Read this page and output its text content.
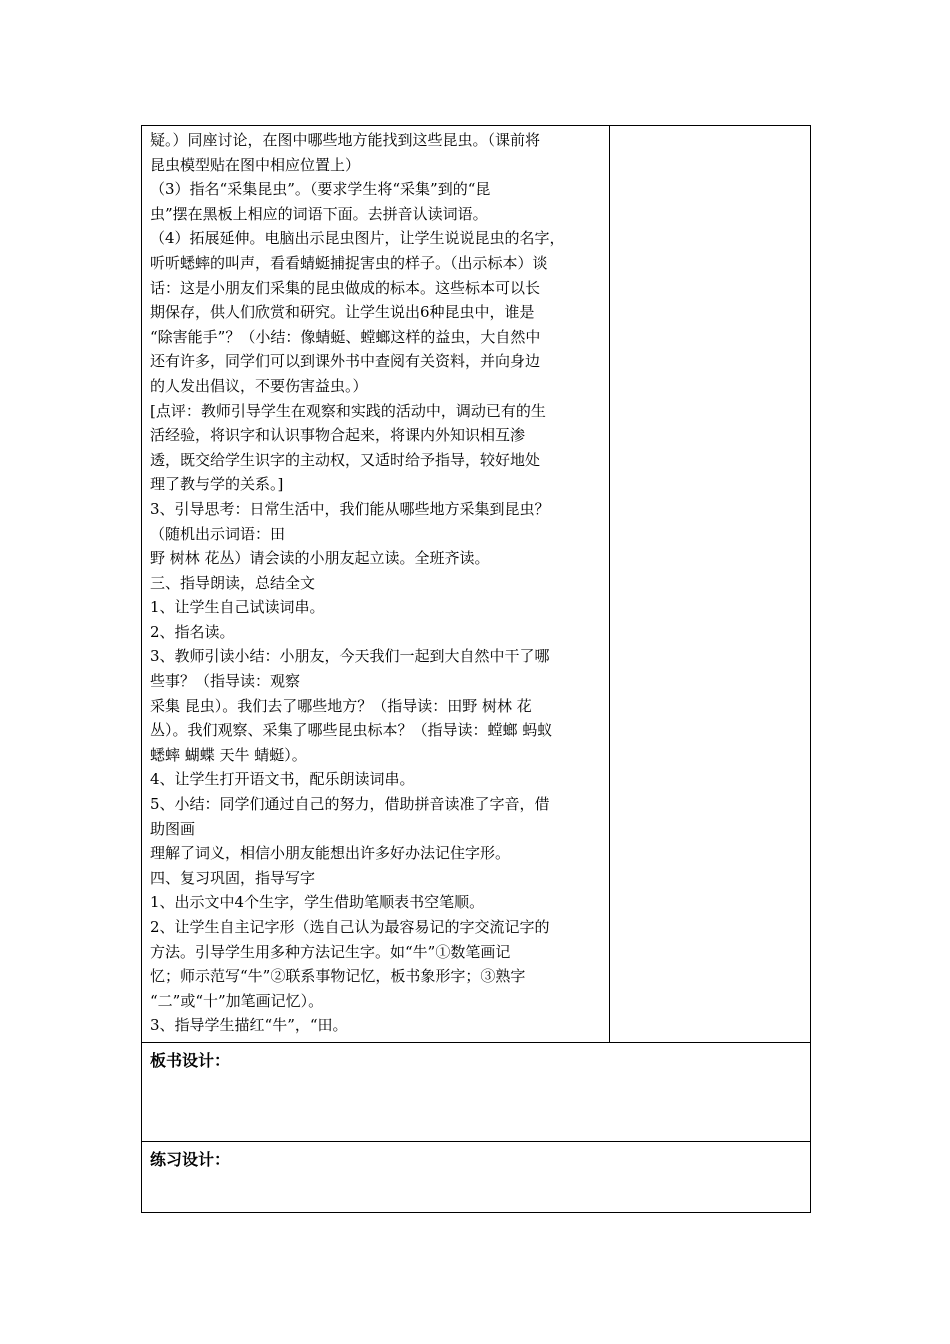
疑。）同座讨论，在图中哪些地方能找到这些昆虫。（课前将
昆虫模型贴在图中相应位置上）
（3）指名“采集昆虫”。（要求学生将“采集”到的“昆
虫”摆在黑板上相应的词语下面。去拼音认读词语。
（4）拓展延伸。电脑出示昆虫图片，让学生说说昆虫的名字，
听听蟋蟀的叫声，看看蜻蜓捕捉害虫的样子。（出示标本）谈
话：这是小朋友们采集的昆虫做成的标本。这些标本可以长
期保存，供人们欣赏和研究。让学生说出6种昆虫中，谁是
“除害能手”？（小结：像蜻蜓、螳螂这样的益虫，大自然中
还有许多，同学们可以到课外书中查阅有关资料，并向身边
的人发出倡议，不要伤害益虫。）
[点评：教师引导学生在观察和实践的活动中，调动已有的生
活经验，将识字和认识事物合起来，将课内外知识相互渗
透，既交给学生识字的主动权，又适时给予指导，较好地处
理了教与学的关系。]
3、引导思考：日常生活中，我们能从哪些地方采集到昆虫？
（随机出示词语：田
野 树林 花丛）请会读的小朋友起立读。全班齐读。
三、指导朗读，总结全文
1、让学生自己试读词串。
2、指名读。
3、教师引读小结：小朋友，今天我们一起到大自然中干了哪
些事？（指导读：观察
采集 昆虫）。我们去了哪些地方？（指导读：田野 树林 花
丛）。我们观察、采集了哪些昆虫标本？（指导读：螳螂 蚂蚁
蟋蟀 蝴蝶 天牛 蜻蜓）。
4、让学生打开语文书，配乐朗读词串。
5、小结：同学们通过自己的努力，借助拼音读准了字音，借
助图画
理解了词义，相信小朋友能想出许多好办法记住字形。
四、复习巩固，指导写字
1、出示文中4个生字，学生借助笔顺表书空笔顺。
2、让学生自主记字形（选自己认为最容易记的字交流记字的
方法。引导学生用多种方法记生字。如“牛”①数笔画记
忆；师示范写“牛”②联系事物记忆，板书象形字；③熟字
“二”或“十”加笔画记忆）。
3、指导学生描红“牛”，“田。

板书设计：

练习设计：
